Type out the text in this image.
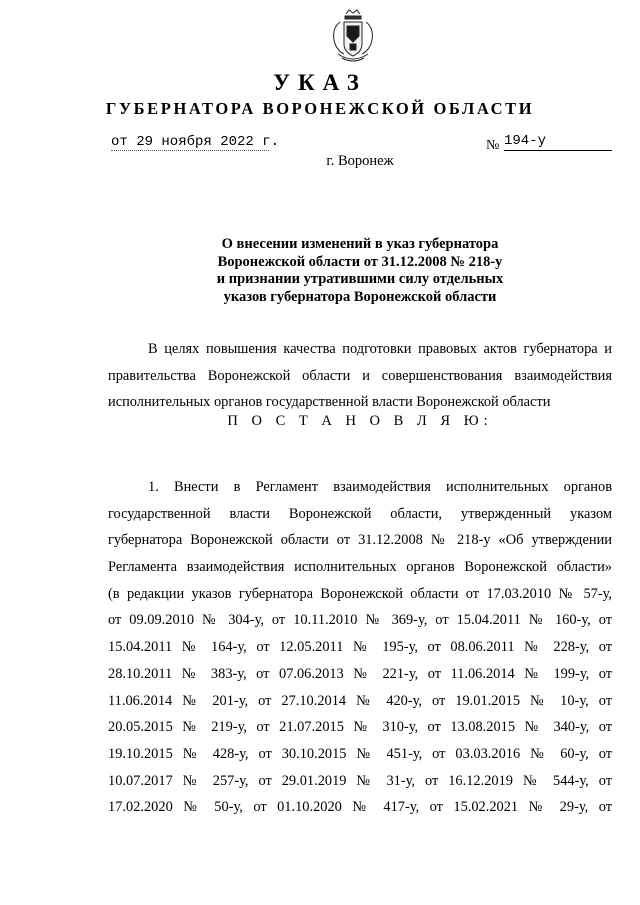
УКАЗ
ГУБЕРНАТОРА ВОРОНЕЖСКОЙ ОБЛАСТИ
от 29 ноября 2022 г.	№ 194-у
г. Воронеж
О внесении изменений в указ губернатора
Воронежской области от 31.12.2008 № 218-у
и признании утратившими силу отдельных
указов губернатора Воронежской области
В целях повышения качества подготовки правовых актов губернатора и
правительства Воронежской области и совершенствования взаимодействия
исполнительных органов государственной власти Воронежской области
П О С Т А Н О В Л Я Ю:
1. Внести в Регламент взаимодействия исполнительных органов
государственной власти Воронежской области, утвержденный указом
губернатора Воронежской области от 31.12.2008 № 218-у «Об утверждении
Регламента взаимодействия исполнительных органов Воронежской области»
(в редакции указов губернатора Воронежской области от 17.03.2010 № 57-у,
от 09.09.2010 № 304-у, от 10.11.2010 № 369-у, от 15.04.2011 № 160-у, от
15.04.2011 № 164-у, от 12.05.2011 № 195-у, от 08.06.2011 № 228-у, от
28.10.2011 № 383-у, от 07.06.2013 № 221-у, от 11.06.2014 № 199-у, от
11.06.2014 № 201-у, от 27.10.2014 № 420-у, от 19.01.2015 № 10-у, от
20.05.2015 № 219-у, от 21.07.2015 № 310-у, от 13.08.2015 № 340-у, от
19.10.2015 № 428-у, от 30.10.2015 № 451-у, от 03.03.2016 № 60-у, от
10.07.2017 № 257-у, от 29.01.2019 № 31-у, от 16.12.2019 № 544-у, от
17.02.2020 № 50-у, от 01.10.2020 № 417-у, от 15.02.2021 № 29-у, от
